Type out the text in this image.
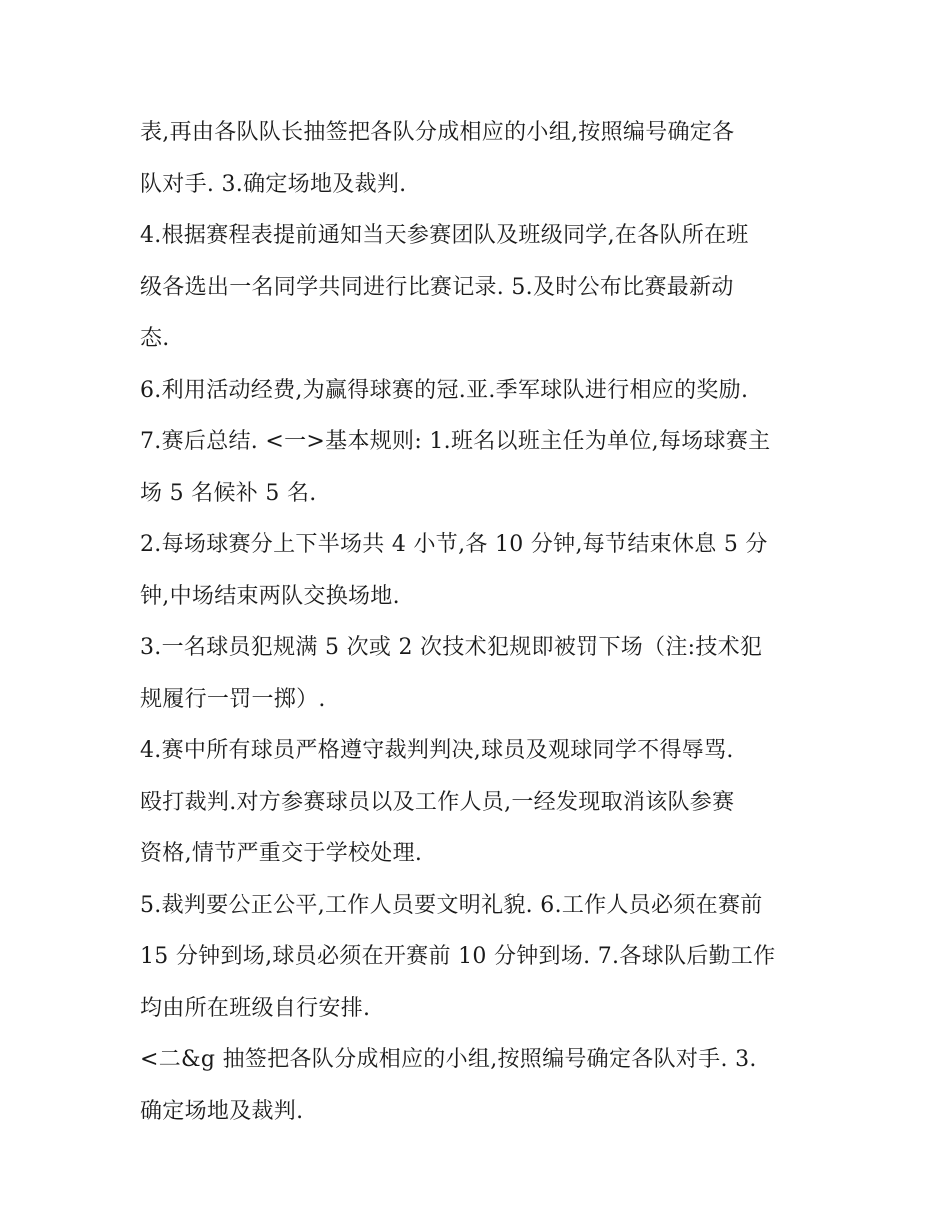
表,再由各队队长抽签把各队分成相应的小组,按照编号确定各
队对手. 3.确定场地及裁判.
4.根据赛程表提前通知当天参赛团队及班级同学,在各队所在班
级各选出一名同学共同进行比赛记录. 5.及时公布比赛最新动
态.
6.利用活动经费,为赢得球赛的冠.亚.季军球队进行相应的奖励.
7.赛后总结. <一>基本规则: 1.班名以班主任为单位,每场球赛主
场 5 名候补 5 名.
2.每场球赛分上下半场共 4 小节,各 10 分钟,每节结束休息 5 分
钟,中场结束两队交换场地.
3.一名球员犯规满 5 次或 2 次技术犯规即被罚下场（注:技术犯
规履行一罚一掷）.
4.赛中所有球员严格遵守裁判判决,球员及观球同学不得辱骂.
殴打裁判.对方参赛球员以及工作人员,一经发现取消该队参赛
资格,情节严重交于学校处理.
5.裁判要公正公平,工作人员要文明礼貌. 6.工作人员必须在赛前
15 分钟到场,球员必须在开赛前 10 分钟到场. 7.各球队后勤工作
均由所在班级自行安排.
<二&g 抽签把各队分成相应的小组,按照编号确定各队对手. 3.
确定场地及裁判.
